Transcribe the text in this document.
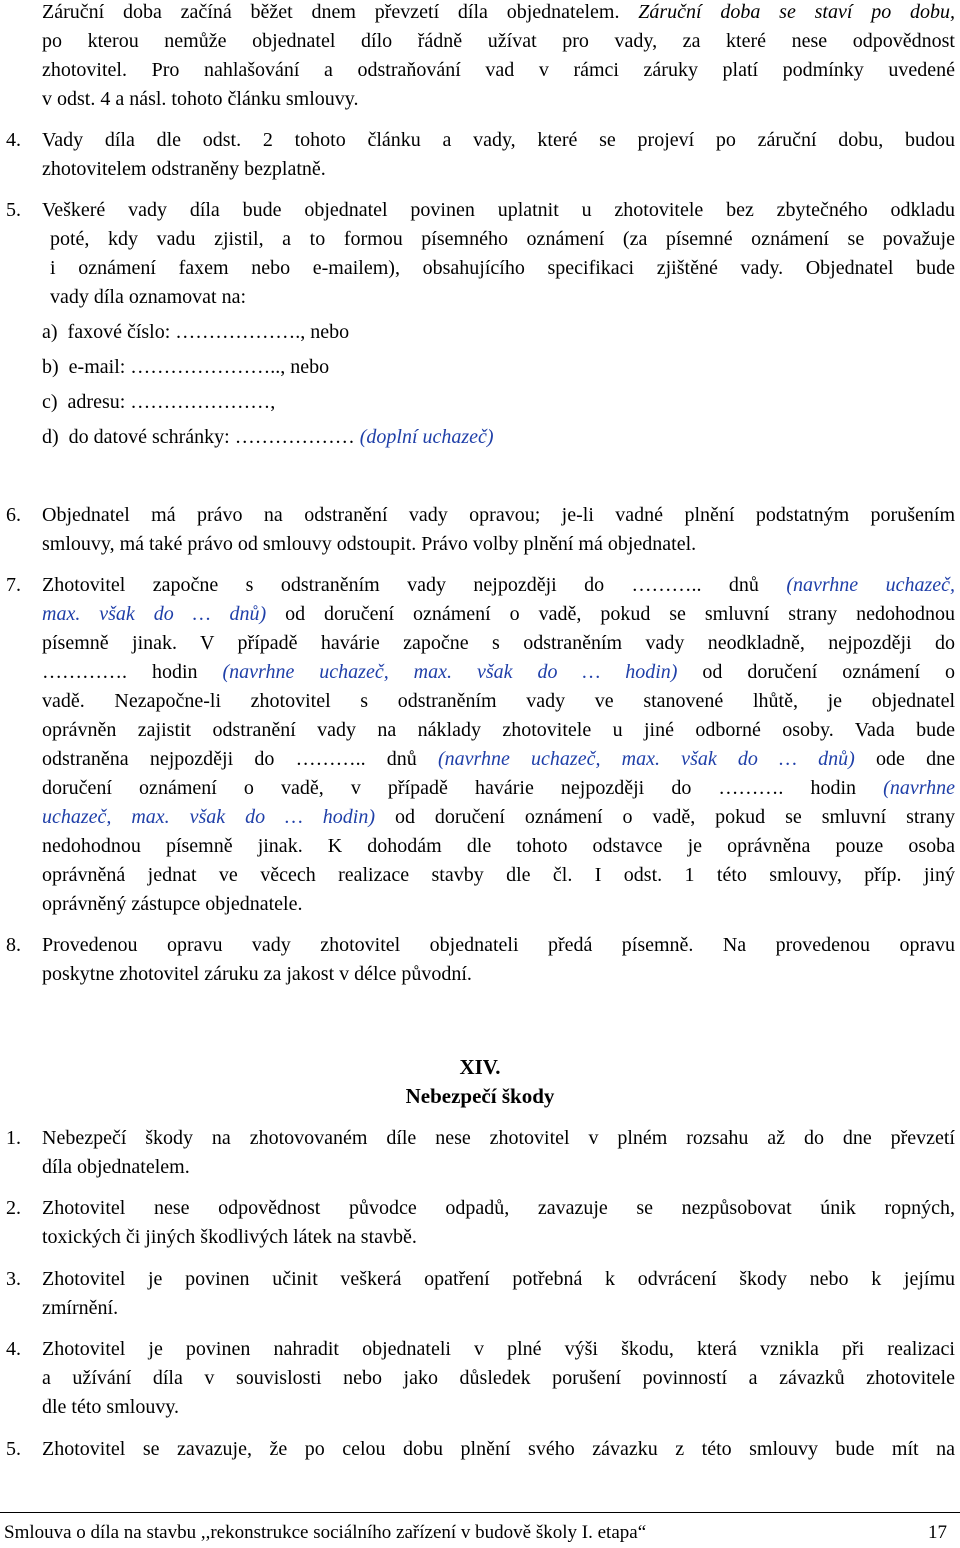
Záruční doba začíná běžet dnem převzetí díla objednatelem. Záruční doba se staví po dobu,
po kterou nemůže objednatel dílo řádně užívat pro vady, za které nese odpovědnost
zhotovitel. Pro nahlašování a odstraňování vad v rámci záruky platí podmínky uvedené
v odst. 4 a násl. tohoto článku smlouvy.
4. Vady díla dle odst. 2 tohoto článku a vady, které se projeví po záruční dobu, budou
zhotovitelem odstraněny bezplatně.
5. Veškeré vady díla bude objednatel povinen uplatnit u zhotovitele bez zbytečného odkladu
poté, kdy vadu zjistil, a to formou písemného oznámení (za písemné oznámení se považuje
i oznámení faxem nebo e-mailem), obsahujícího specifikaci zjištěné vady. Objednatel bude
vady díla oznamovat na:
a)  faxové číslo: ………………., nebo
b)  e-mail: ………………….., nebo
c)  adresu: …………………,
d)  do datové schránky: ……………… (doplní uchazeč)
6. Objednatel má právo na odstranění vady opravou; je-li vadné plnění podstatným porušením
smlouvy, má také právo od smlouvy odstoupit. Právo volby plnění má objednatel.
7. Zhotovitel započne s odstraněním vady nejpozději do ……….. dnů (navrhne uchazeč,
max. však do … dnů) od doručení oznámení o vadě, pokud se smluvní strany nedohodnou
písemně jinak. V případě havárie započne s odstraněním vady neodkladně, nejpozději do
…………. hodin (navrhne uchazeč, max. však do … hodin) od doručení oznámení o
vadě. Nezapočne-li zhotovitel s odstraněním vady ve stanovené lhůtě, je objednatel
oprávněn zajistit odstranění vady na náklady zhotovitele u jiné odborné osoby. Vada bude
odstraněna nejpozději do ……….. dnů (navrhne uchazeč, max. však do … dnů) ode dne
doručení oznámení o vadě, v případě havárie nejpozději do ………. hodin (navrhne
uchazeč, max. však do … hodin) od doručení oznámení o vadě, pokud se smluvní strany
nedohodnou písemně jinak. K dohodám dle tohoto odstavce je oprávněna pouze osoba
oprávněná jednat ve věcech realizace stavby dle čl. I odst. 1 této smlouvy, příp. jiný
oprávněný zástupce objednatele.
8. Provedenou opravu vady zhotovitel objednateli předá písemně. Na provedenou opravu
poskytne zhotovitel záruku za jakost v délce původní.
XIV.
Nebezpečí škody
1. Nebezpečí škody na zhotovovaném díle nese zhotovitel v plném rozsahu až do dne převzetí
díla objednatelem.
2. Zhotovitel nese odpovědnost původce odpadů, zavazuje se nezpůsobovat únik ropných,
toxických či jiných škodlivých látek na stavbě.
3. Zhotovitel je povinen učinit veškerá opatření potřebná k odvrácení škody nebo k jejímu
zmírnění.
4. Zhotovitel je povinen nahradit objednateli v plné výši škodu, která vznikla při realizaci
a užívání díla v souvislosti nebo jako důsledek porušení povinností a závazků zhotovitele
dle této smlouvy.
5. Zhotovitel se zavazuje, že po celou dobu plnění svého závazku z této smlouvy bude mít na
Smlouva o díla na stavbu ,,rekonstrukce sociálního zařízení v budově školy I. etapa“	17
